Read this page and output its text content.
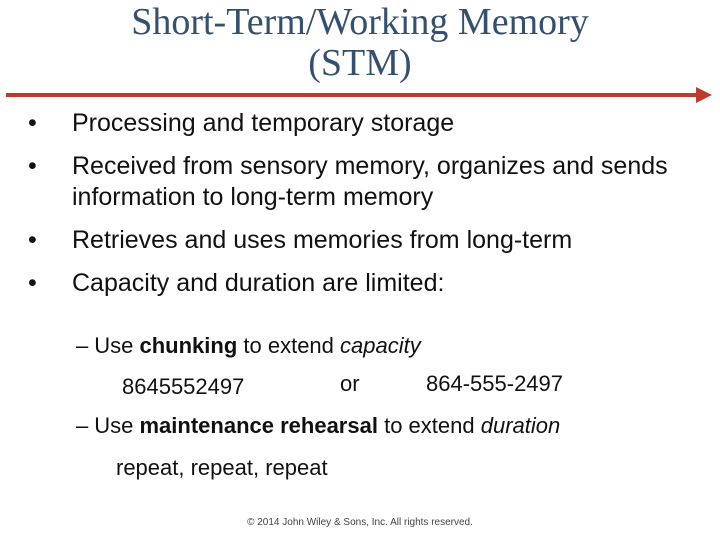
Short-Term/Working Memory
(STM)
• Processing and temporary storage
• Received from sensory memory, organizes and sends information to long-term memory
• Retrieves and uses memories from long-term
• Capacity and duration are limited:
– Use chunking to extend capacity
8645552497	or	864-555-2497
– Use maintenance rehearsal to extend duration
repeat, repeat, repeat
© 2014 John Wiley & Sons, Inc. All rights reserved.
